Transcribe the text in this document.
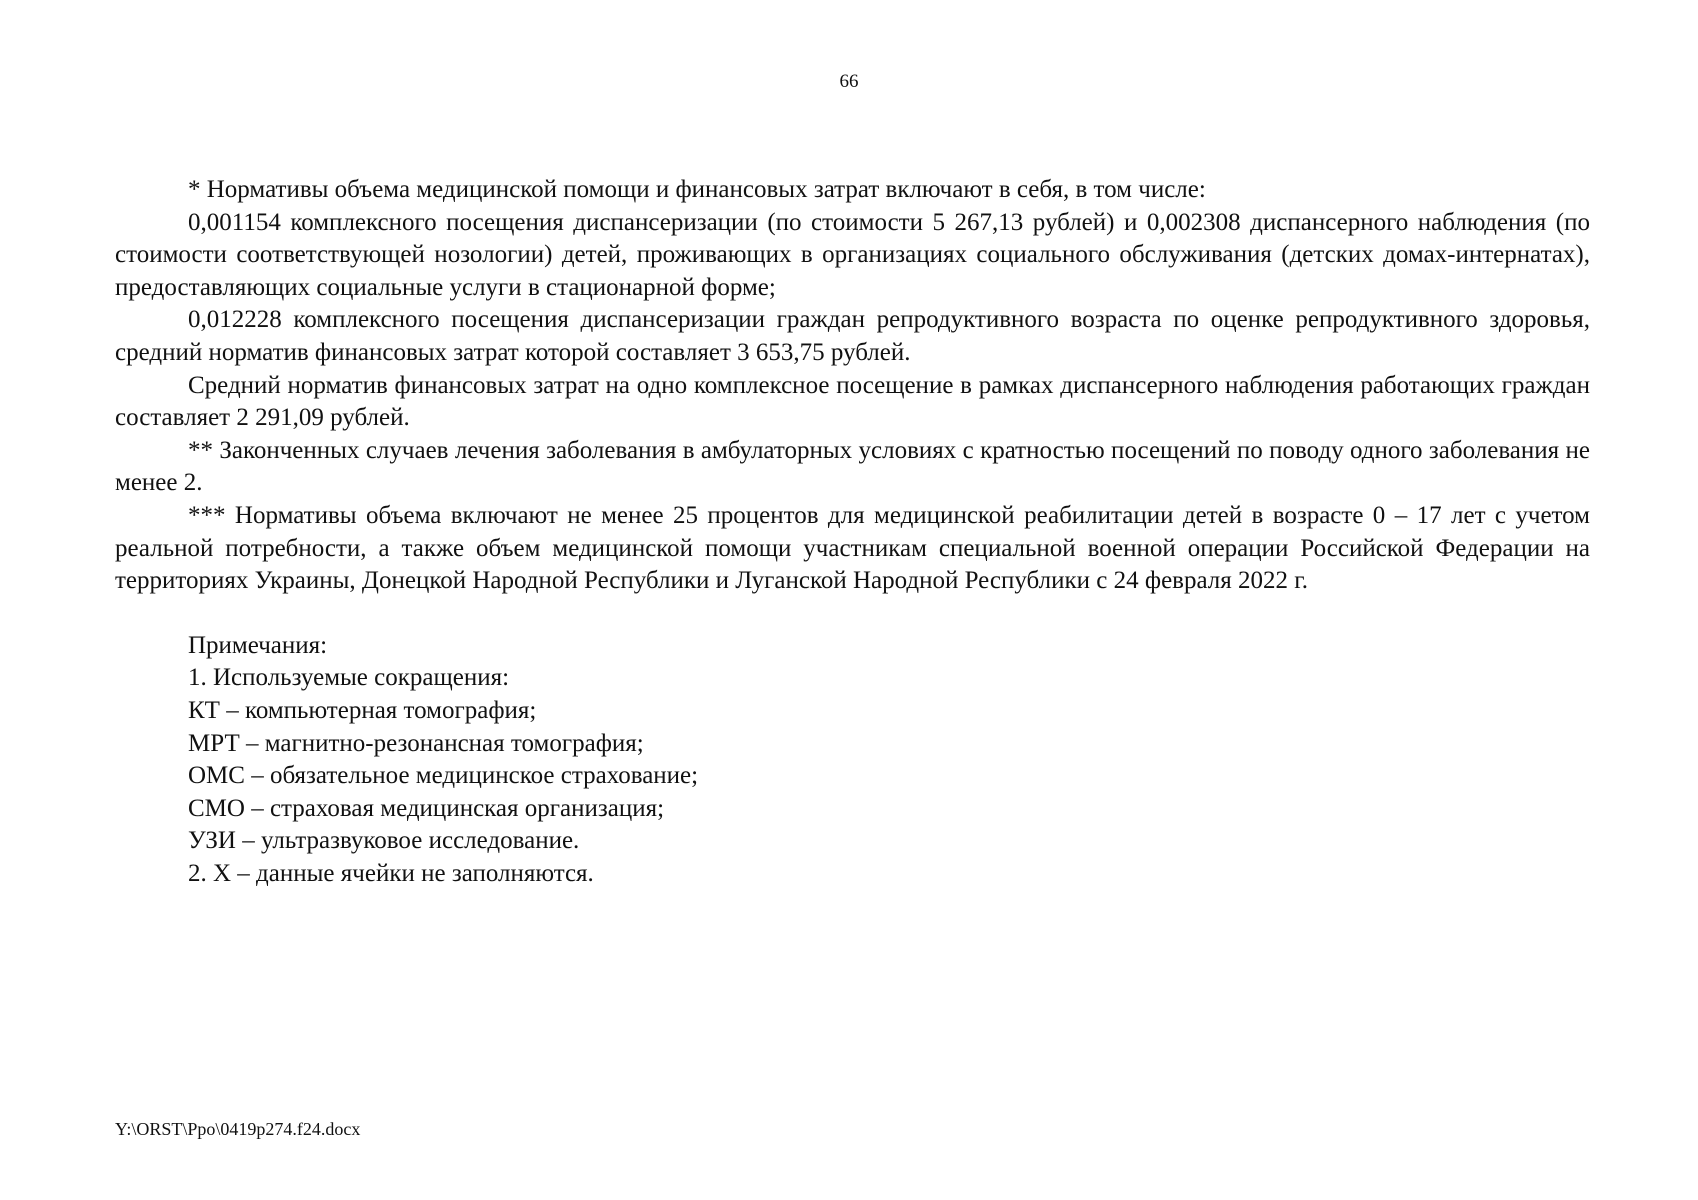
66

* Нормативы объема медицинской помощи и финансовых затрат включают в себя, в том числе:

0,001154 комплексного посещения диспансеризации (по стоимости 5 267,13 рублей) и 0,002308 диспансерного наблюдения (по стоимости соответствующей нозологии) детей, проживающих в организациях социального обслуживания (детских домах-интернатах), предоставляющих социальные услуги в стационарной форме;

0,012228 комплексного посещения диспансеризации граждан репродуктивного возраста по оценке репродуктивного здоровья, средний норматив финансовых затрат которой составляет 3 653,75 рублей.

Средний норматив финансовых затрат на одно комплексное посещение в рамках диспансерного наблюдения работающих граждан составляет 2 291,09 рублей.

** Законченных случаев лечения заболевания в амбулаторных условиях с кратностью посещений по поводу одного заболевания не менее 2.

*** Нормативы объема включают не менее 25 процентов для медицинской реабилитации детей в возрасте 0 – 17 лет с учетом реальной потребности, а также объем медицинской помощи участникам специальной военной операции Российской Федерации на территориях Украины, Донецкой Народной Республики и Луганской Народной Республики с 24 февраля 2022 г.

Примечания:

1. Используемые сокращения:

КТ – компьютерная томография;

МРТ – магнитно-резонансная томография;

ОМС – обязательное медицинское страхование;

СМО – страховая медицинская организация;

УЗИ – ультразвуковое исследование.

2. Х – данные ячейки не заполняются.

Y:\ORST\Ppo\0419p274.f24.docx
